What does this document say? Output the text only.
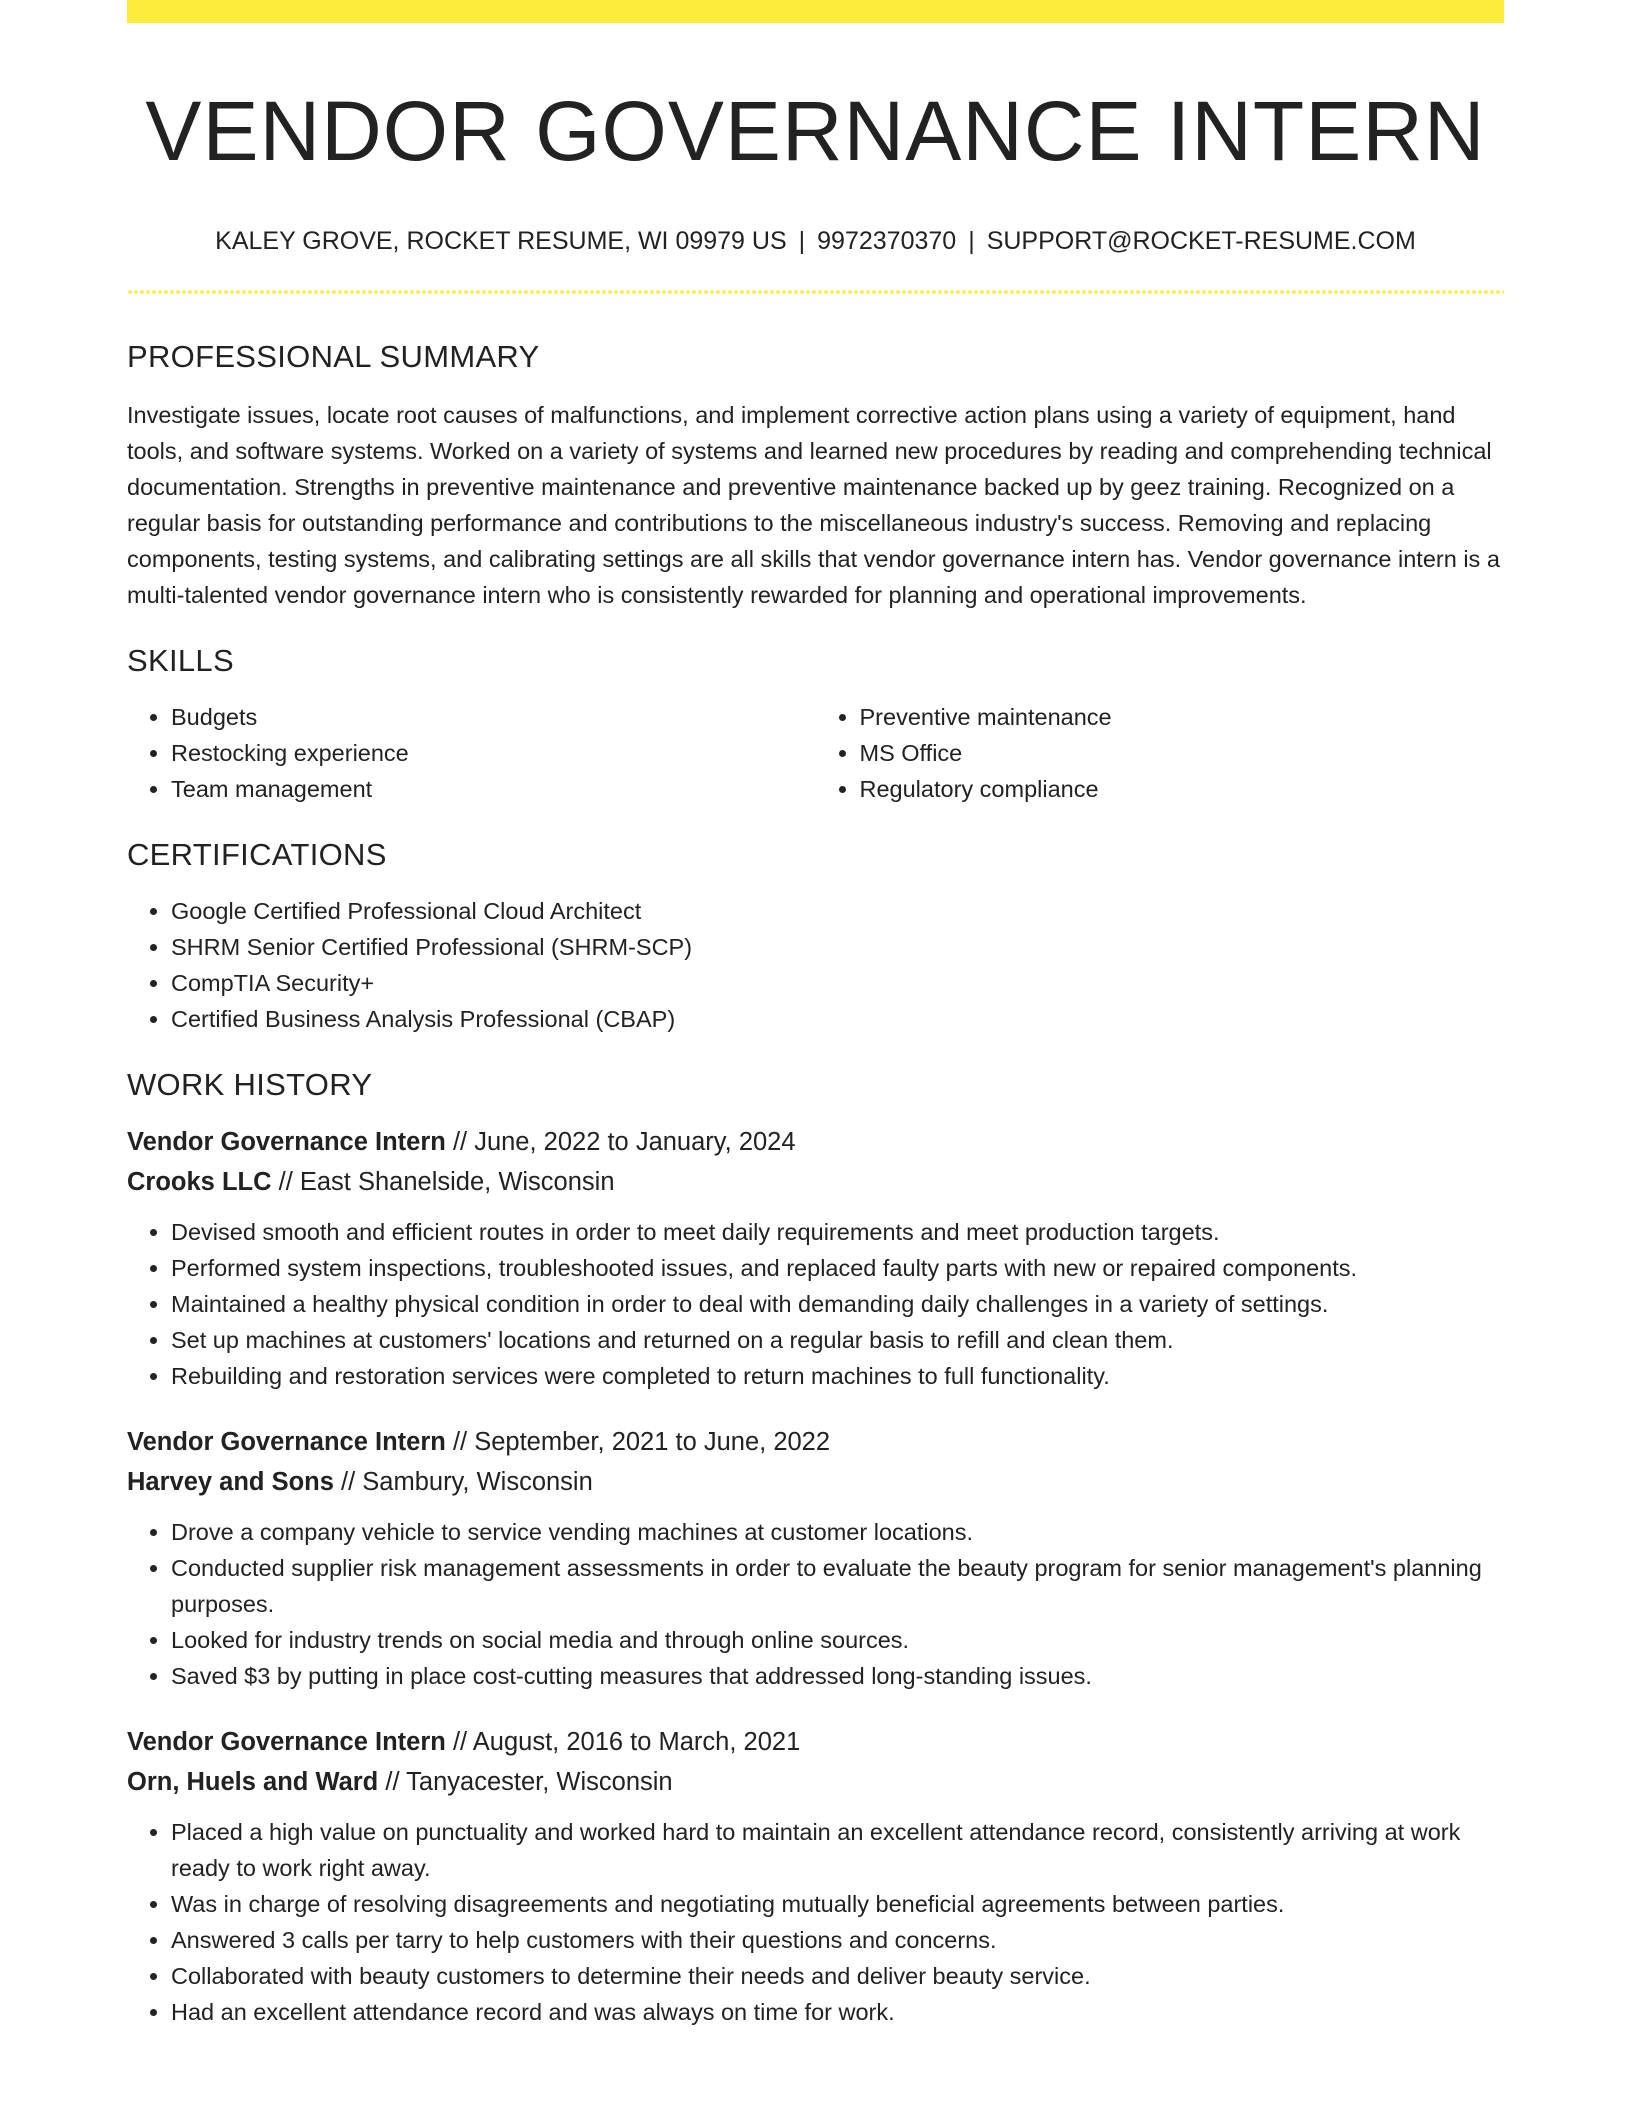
VENDOR GOVERNANCE INTERN
KALEY GROVE, ROCKET RESUME, WI 09979 US | 9972370370 | SUPPORT@ROCKET-RESUME.COM
PROFESSIONAL SUMMARY
Investigate issues, locate root causes of malfunctions, and implement corrective action plans using a variety of equipment, hand tools, and software systems. Worked on a variety of systems and learned new procedures by reading and comprehending technical documentation. Strengths in preventive maintenance and preventive maintenance backed up by geez training. Recognized on a regular basis for outstanding performance and contributions to the miscellaneous industry's success. Removing and replacing components, testing systems, and calibrating settings are all skills that vendor governance intern has. Vendor governance intern is a multi-talented vendor governance intern who is consistently rewarded for planning and operational improvements.
SKILLS
• Budgets
• Restocking experience
• Team management
• Preventive maintenance
• MS Office
• Regulatory compliance
CERTIFICATIONS
• Google Certified Professional Cloud Architect
• SHRM Senior Certified Professional (SHRM-SCP)
• CompTIA Security+
• Certified Business Analysis Professional (CBAP)
WORK HISTORY
Vendor Governance Intern // June, 2022 to January, 2024
Crooks LLC // East Shanelside, Wisconsin
• Devised smooth and efficient routes in order to meet daily requirements and meet production targets.
• Performed system inspections, troubleshooted issues, and replaced faulty parts with new or repaired components.
• Maintained a healthy physical condition in order to deal with demanding daily challenges in a variety of settings.
• Set up machines at customers' locations and returned on a regular basis to refill and clean them.
• Rebuilding and restoration services were completed to return machines to full functionality.
Vendor Governance Intern // September, 2021 to June, 2022
Harvey and Sons // Sambury, Wisconsin
• Drove a company vehicle to service vending machines at customer locations.
• Conducted supplier risk management assessments in order to evaluate the beauty program for senior management's planning purposes.
• Looked for industry trends on social media and through online sources.
• Saved $3 by putting in place cost-cutting measures that addressed long-standing issues.
Vendor Governance Intern // August, 2016 to March, 2021
Orn, Huels and Ward // Tanyacester, Wisconsin
• Placed a high value on punctuality and worked hard to maintain an excellent attendance record, consistently arriving at work ready to work right away.
• Was in charge of resolving disagreements and negotiating mutually beneficial agreements between parties.
• Answered 3 calls per tarry to help customers with their questions and concerns.
• Collaborated with beauty customers to determine their needs and deliver beauty service.
• Had an excellent attendance record and was always on time for work.
